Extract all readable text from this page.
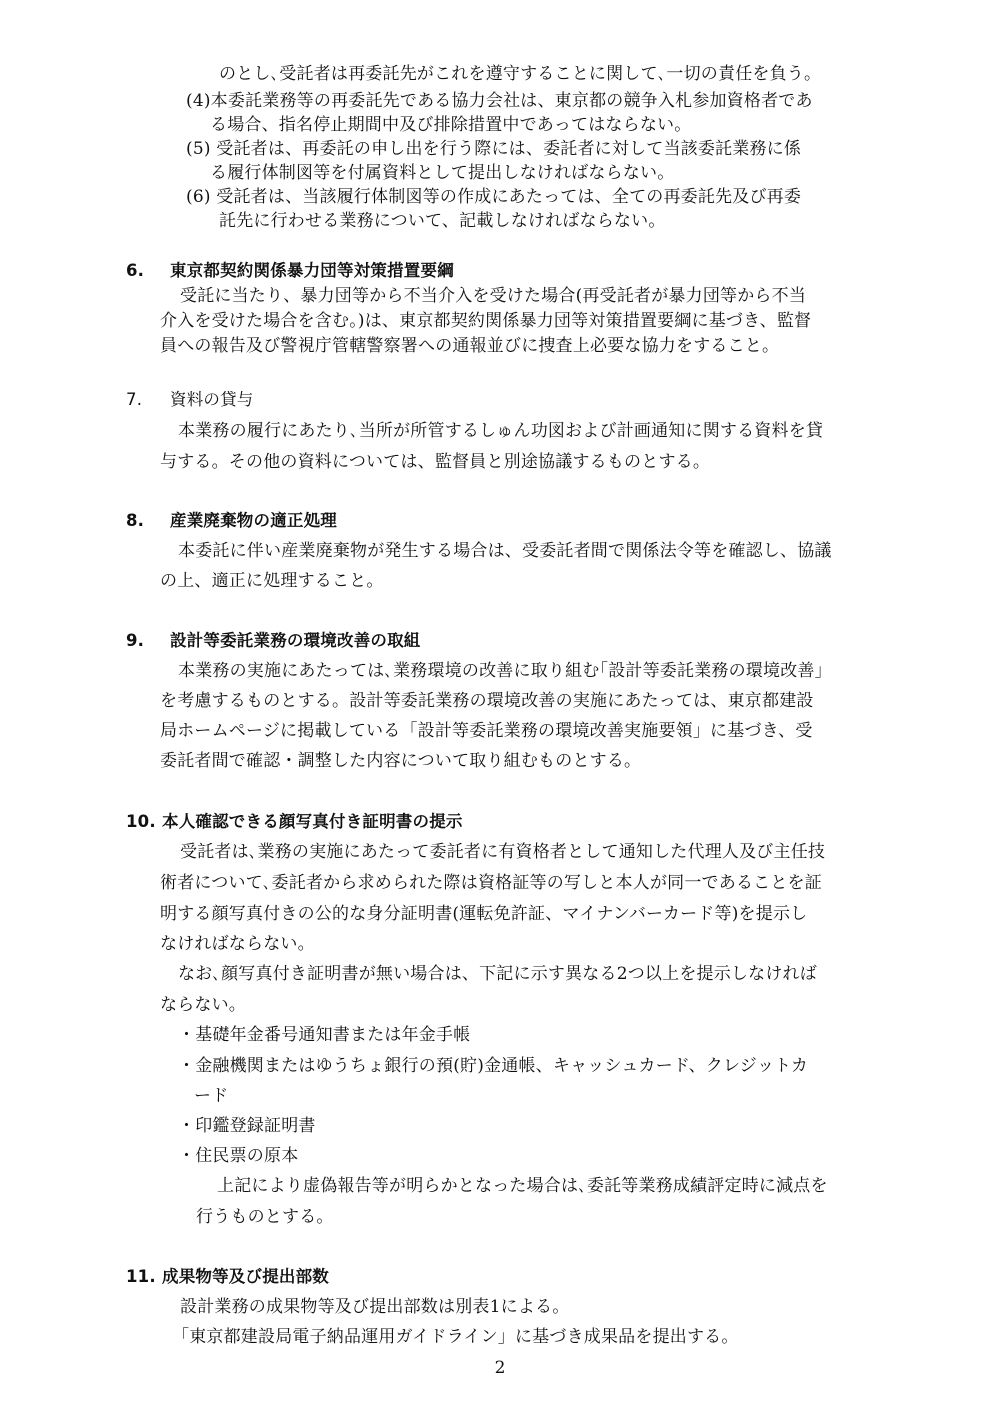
のとし､受託者は再委託先がこれを遵守することに関して､一切の責任を負う。
(4)本委託業務等の再委託先である協力会社は、東京都の競争入札参加資格者であ
る場合、指名停止期間中及び排除措置中であってはならない。
(5) 受託者は、再委託の申し出を行う際には、委託者に対して当該委託業務に係
る履行体制図等を付属資料として提出しなければならない。
(6) 受託者は、当該履行体制図等の作成にあたっては、全ての再委託先及び再委
託先に行わせる業務について、記載しなければならない。
6. 東京都契約関係暴力団等対策措置要綱
受託に当たり、暴力団等から不当介入を受けた場合(再受託者が暴力団等から不当
介入を受けた場合を含む｡)は、東京都契約関係暴力団等対策措置要綱に基づき、監督
員への報告及び警視庁管轄警察署への通報並びに捜査上必要な協力をすること。
7. 資料の貸与
本業務の履行にあたり､当所が所管するしゅん功図および計画通知に関する資料を貸
与する。その他の資料については、監督員と別途協議するものとする。
8. 産業廃棄物の適正処理
本委託に伴い産業廃棄物が発生する場合は、受委託者間で関係法令等を確認し、協議
の上、適正に処理すること。
9. 設計等委託業務の環境改善の取組
本業務の実施にあたっては､業務環境の改善に取り組む｢設計等委託業務の環境改善｣
を考慮するものとする。設計等委託業務の環境改善の実施にあたっては、東京都建設
局ホームページに掲載している「設計等委託業務の環境改善実施要領」に基づき、受
委託者間で確認・調整した内容について取り組むものとする。
10. 本人確認できる顔写真付き証明書の提示
受託者は､業務の実施にあたって委託者に有資格者として通知した代理人及び主任技
術者について､委託者から求められた際は資格証等の写しと本人が同一であることを証
明する顔写真付きの公的な身分証明書(運転免許証、マイナンバーカード等)を提示し
なければならない。
なお､顔写真付き証明書が無い場合は、下記に示す異なる2つ以上を提示しなければ
ならない。
・基礎年金番号通知書または年金手帳
・金融機関またはゆうちょ銀行の預(貯)金通帳、キャッシュカード、クレジットカ
ード
・印鑑登録証明書
・住民票の原本
上記により虚偽報告等が明らかとなった場合は､委託等業務成績評定時に減点を
行うものとする。
11. 成果物等及び提出部数
設計業務の成果物等及び提出部数は別表1による。
「東京都建設局電子納品運用ガイドライン」に基づき成果品を提出する。
2
